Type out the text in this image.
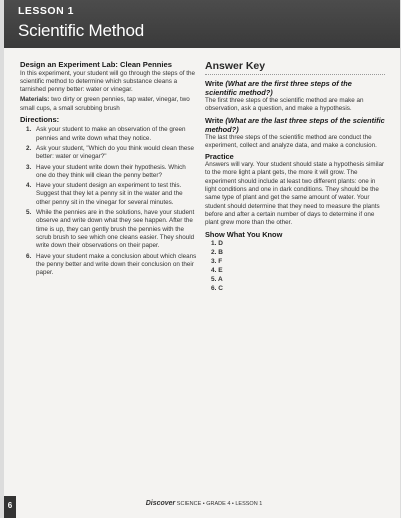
LESSON 1
Scientific Method
Design an Experiment Lab: Clean Pennies
In this experiment, your student will go through the steps of the scientific method to determine which substance cleans a tarnished penny better: water or vinegar.
Materials: two dirty or green pennies, tap water, vinegar, two small cups, a small scrubbing brush
Directions:
1. Ask your student to make an observation of the green pennies and write down what they notice.
2. Ask your student, "Which do you think would clean these better: water or vinegar?"
3. Have your student write down their hypothesis. Which one do they think will clean the penny better?
4. Have your student design an experiment to test this. Suggest that they let a penny sit in the water and the other penny sit in the vinegar for several minutes.
5. While the pennies are in the solutions, have your student observe and write down what they see happen. After the time is up, they can gently brush the pennies with the scrub brush to see which one cleans easier. They should write down their observations on their paper.
6. Have your student make a conclusion about which cleans the penny better and write down their conclusion on their paper.
Answer Key
Write (What are the first three steps of the scientific method?)
The first three steps of the scientific method are make an observation, ask a question, and make a hypothesis.
Write (What are the last three steps of the scientific method?)
The last three steps of the scientific method are conduct the experiment, collect and analyze data, and make a conclusion.
Practice
Answers will vary. Your student should state a hypothesis similar to the more light a plant gets, the more it will grow. The experiment should include at least two different plants: one in light conditions and one in dark conditions. They should be the same type of plant and get the same amount of water. Your student should determine that they need to measure the plants before and after a certain number of days to determine if one plant grew more than the other.
Show What You Know
1. D
2. B
3. F
4. E
5. A
6. C
6	Discover SCIENCE • GRADE 4 • LESSON 1
